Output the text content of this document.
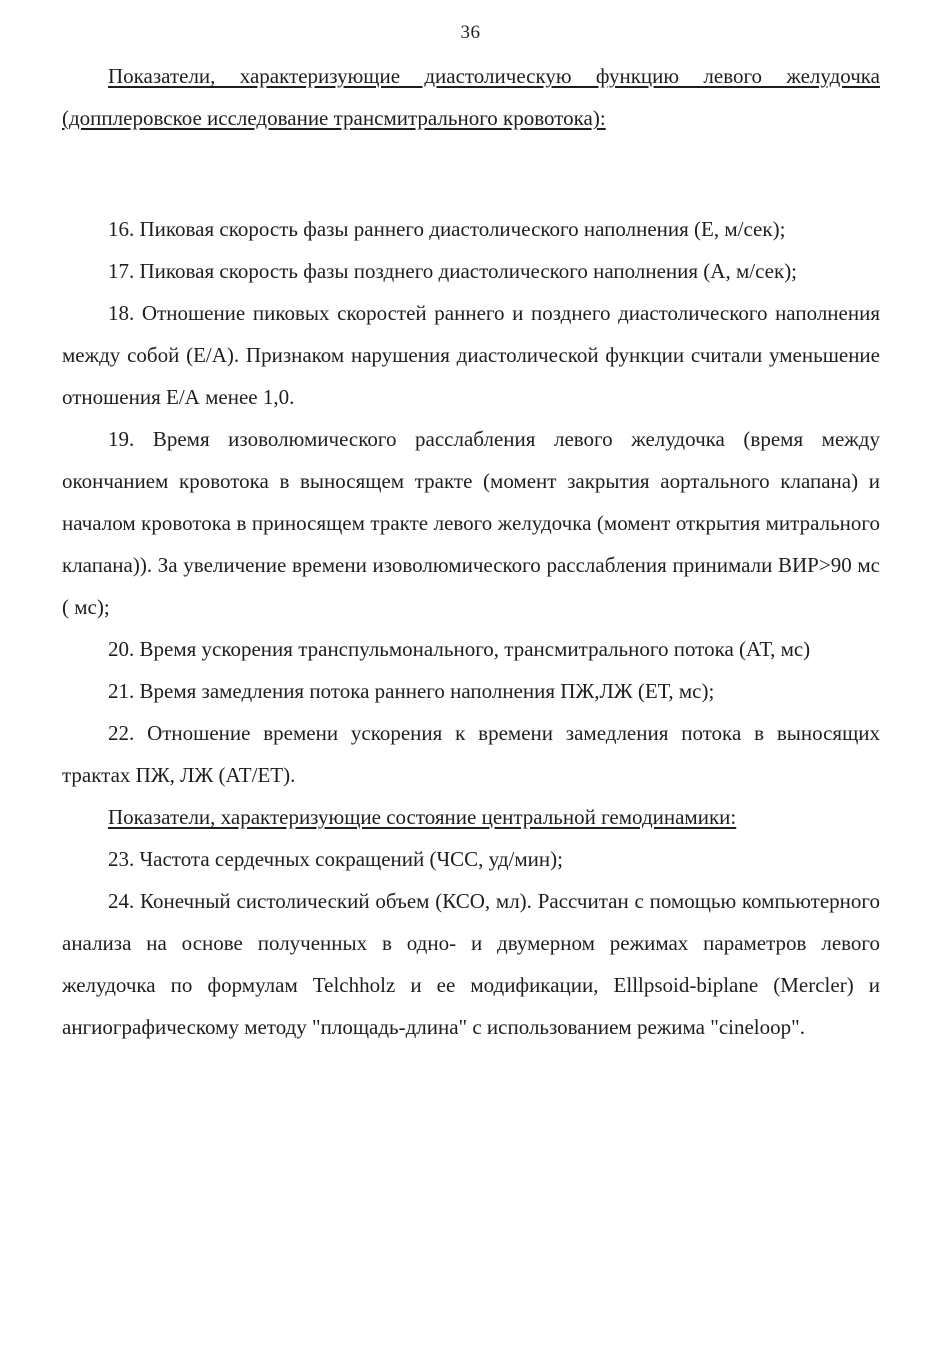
36

Показатели, характеризующие диастолическую функцию левого желудочка (допплеровское исследование трансмитрального кровотока):

16. Пиковая скорость фазы раннего диастолического наполнения (Е, м/сек);

17. Пиковая скорость фазы позднего диастолического наполнения (А, м/сек);

18. Отношение пиковых скоростей раннего и позднего диастолического наполнения между собой (Е/А). Признаком нарушения диастолической функции считали уменьшение отношения Е/А менее 1,0.

19. Время изоволюмического расслабления левого желудочка (время между окончанием кровотока в выносящем тракте (момент закрытия аортального клапана) и началом кровотока в приносящем тракте левого желудочка (момент открытия митрального клапана)). За увеличение времени изоволюмического расслабления принимали ВИР>90 мс ( мс);

20. Время ускорения транспульмонального, трансмитрального потока (АТ, мс)

21. Время замедления потока раннего наполнения ПЖ,ЛЖ (ЕТ, мс);

22. Отношение времени ускорения к времени замедления потока в выносящих трактах ПЖ, ЛЖ (АТ/ЕТ).

Показатели, характеризующие состояние центральной гемодинамики:

23. Частота сердечных сокращений (ЧСС, уд/мин);

24. Конечный систолический объем (КСО, мл). Рассчитан с помощью компьютерного анализа на основе полученных в одно- и двумерном режимах параметров левого желудочка по формулам Telchholz и ее модификации, Elllpsoid-biplane (Mercler) и ангиографическому методу "площадь-длина" с использованием режима "cineloop".
